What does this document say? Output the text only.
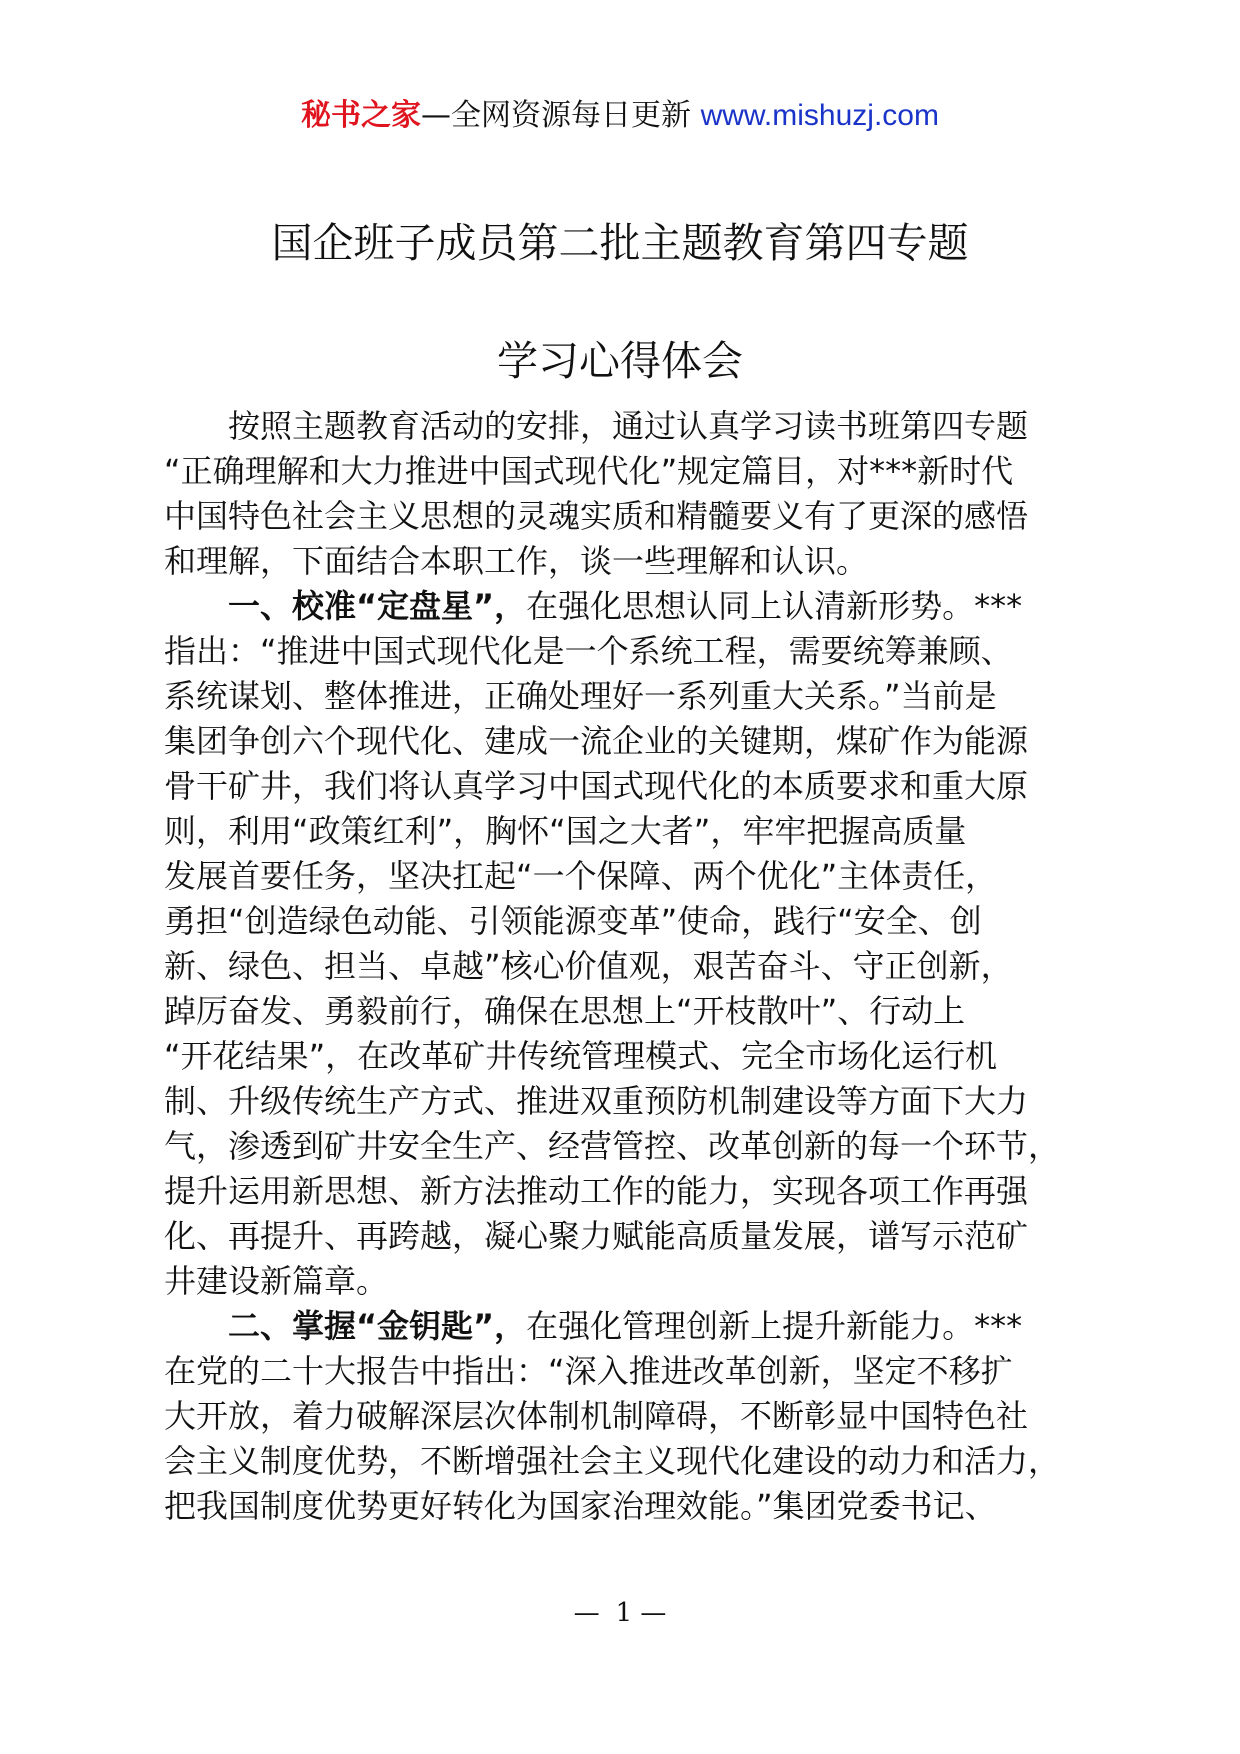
秘书之家—全网资源每日更新 www.mishuzj.com
国企班子成员第二批主题教育第四专题
学习心得体会
按照主题教育活动的安排，通过认真学习读书班第四专题
“正确理解和大力推进中国式现代化”规定篇目，对***新时代
中国特色社会主义思想的灵魂实质和精髓要义有了更深的感悟
和理解，下面结合本职工作，谈一些理解和认识。
一、校准“定盘星”，在强化思想认同上认清新形势。***
指出：“推进中国式现代化是一个系统工程，需要统筹兼顾、
系统谋划、整体推进，正确处理好一系列重大关系。”当前是
集团争创六个现代化、建成一流企业的关键期，煤矿作为能源
骨干矿井，我们将认真学习中国式现代化的本质要求和重大原
则，利用“政策红利”，胸怀“国之大者”，牢牢把握高质量
发展首要任务，坚决扛起“一个保障、两个优化”主体责任，
勇担“创造绿色动能、引领能源变革”使命，践行“安全、创
新、绿色、担当、卓越”核心价值观，艰苦奋斗、守正创新，
踔厉奋发、勇毅前行，确保在思想上“开枝散叶”、行动上
“开花结果”，在改革矿井传统管理模式、完全市场化运行机
制、升级传统生产方式、推进双重预防机制建设等方面下大力
气，渗透到矿井安全生产、经营管控、改革创新的每一个环节，
提升运用新思想、新方法推动工作的能力，实现各项工作再强
化、再提升、再跨越，凝心聚力赋能高质量发展，谱写示范矿
井建设新篇章。
二、掌握“金钥匙”，在强化管理创新上提升新能力。***
在党的二十大报告中指出：“深入推进改革创新，坚定不移扩
大开放，着力破解深层次体制机制障碍，不断彰显中国特色社
会主义制度优势，不断增强社会主义现代化建设的动力和活力，
把我国制度优势更好转化为国家治理效能。”集团党委书记、
— 1 —
